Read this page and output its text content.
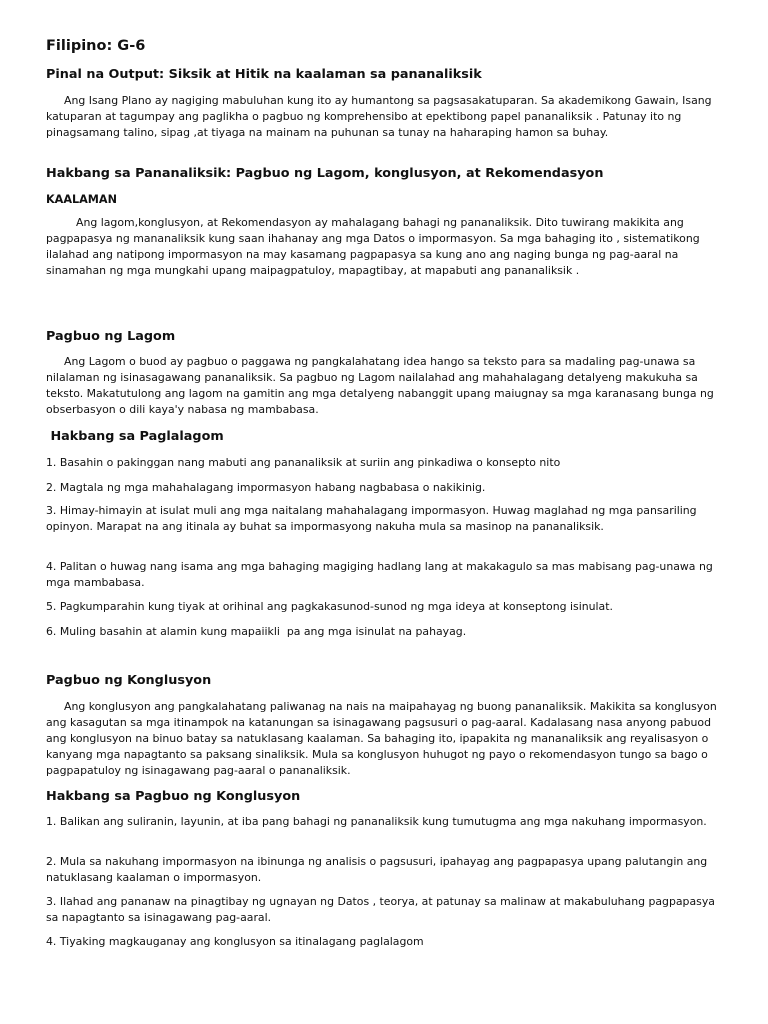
Filipino: G-6
Pinal na Output: Siksik at Hitik na kaalaman sa pananaliksik
Ang Isang Plano ay nagiging mabuluhan kung ito ay humantong sa pagsasakatuparan. Sa akademikong Gawain, Isang katuparan at tagumpay ang paglikha o pagbuo ng komprehensibo at epektibong papel pananaliksik . Patunay ito ng pinagsamang talino, sipag ,at tiyaga na mainam na puhunan sa tunay na haharaping hamon sa buhay.
Hakbang sa Pananaliksik: Pagbuo ng Lagom, konglusyon, at Rekomendasyon
KAALAMAN
Ang lagom,konglusyon, at Rekomendasyon ay mahalagang bahagi ng pananaliksik. Dito tuwirang makikita ang pagpapasya ng mananaliksik kung saan ihahanay ang mga Datos o impormasyon. Sa mga bahaging ito , sistematikong ilalahad ang natipong impormasyon na may kasamang pagpapasya sa kung ano ang naging bunga ng pag-aaral na sinamahan ng mga mungkahi upang maipagpatuloy, mapagtibay, at mapabuti ang pananaliksik .
Pagbuo ng Lagom
Ang Lagom o buod ay pagbuo o paggawa ng pangkalahatang idea hango sa teksto para sa madaling pag-unawa sa nilalaman ng isinasagawang pananaliksik. Sa pagbuo ng Lagom nailalahad ang mahahalagang detalyeng makukuha sa teksto. Makatutulong ang lagom na gamitin ang mga detalyeng nabanggit upang maiugnay sa mga karanasang bunga ng obserbasyon o dili kaya'y nabasa ng mambabasa.
Hakbang sa Paglalagom
1. Basahin o pakinggan nang mabuti ang pananaliksik at suriin ang pinkadiwa o konsepto nito
2. Magtala ng mga mahahalagang impormasyon habang nagbabasa o nakikinig.
3. Himay-himayin at isulat muli ang mga naitalang mahahalagang impormasyon. Huwag maglahad ng mga pansariling opinyon. Marapat na ang itinala ay buhat sa impormasyong nakuha mula sa masinop na pananaliksik.
4. Palitan o huwag nang isama ang mga bahaging magiging hadlang lang at makakagulo sa mas mabisang pag-unawa ng mga mambabasa.
5. Pagkumparahin kung tiyak at orihinal ang pagkakasunod-sunod ng mga ideya at konseptong isinulat.
6. Muling basahin at alamin kung mapaiikli  pa ang mga isinulat na pahayag.
Pagbuo ng Konglusyon
Ang konglusyon ang pangkalahatang paliwanag na nais na maipahayag ng buong pananaliksik. Makikita sa konglusyon ang kasagutan sa mga itinampok na katanungan sa isinagawang pagsusuri o pag-aaral. Kadalasang nasa anyong pabuod ang konglusyon na binuo batay sa natuklasang kaalaman. Sa bahaging ito, ipapakita ng mananaliksik ang reyalisasyon o kanyang mga napagtanto sa paksang sinaliksik. Mula sa konglusyon huhugot ng payo o rekomendasyon tungo sa bago o pagpapatuloy ng isinagawang pag-aaral o pananaliksik.
Hakbang sa Pagbuo ng Konglusyon
1. Balikan ang suliranin, layunin, at iba pang bahagi ng pananaliksik kung tumutugma ang mga nakuhang impormasyon.
2. Mula sa nakuhang impormasyon na ibinunga ng analisis o pagsusuri, ipahayag ang pagpapasya upang palutangin ang natuklasang kaalaman o impormasyon.
3. Ilahad ang pananaw na pinagtibay ng ugnayan ng Datos , teorya, at patunay sa malinaw at makabuluhang pagpapasya sa napagtanto sa isinagawang pag-aaral.
4. Tiyaking magkauganay ang konglusyon sa itinalagang paglalagom
